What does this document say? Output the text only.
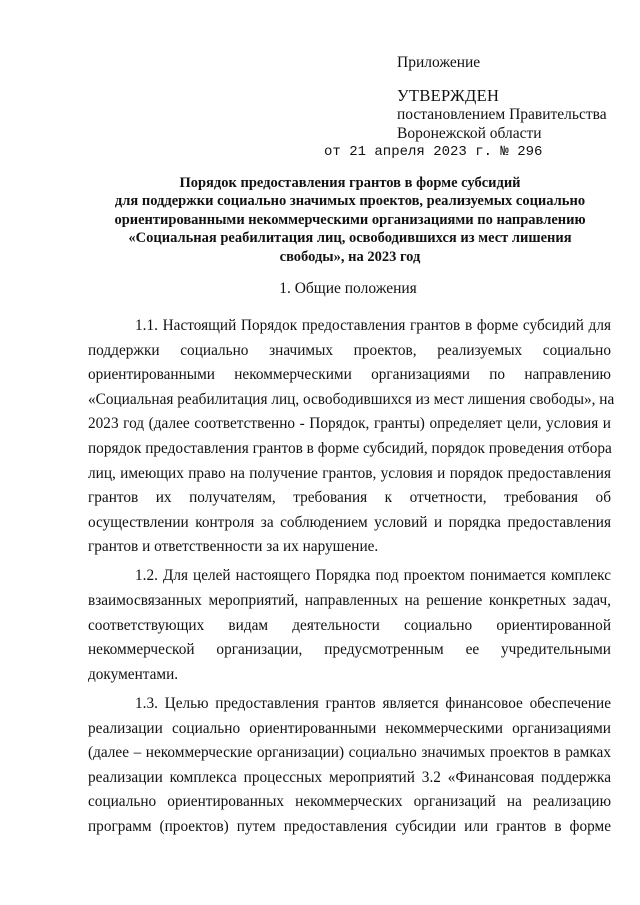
Приложение
УТВЕРЖДЕН
постановлением Правительства
Воронежской области
от 21 апреля 2023 г. № 296
Порядок предоставления грантов в форме субсидий
для поддержки социально значимых проектов, реализуемых социально
ориентированными некоммерческими организациями по направлению
«Социальная реабилитация лиц, освободившихся из мест лишения
свободы», на 2023 год
1. Общие положения

1.1. Настоящий Порядок предоставления грантов в форме субсидий для
поддержки социально значимых проектов, реализуемых социально
ориентированными некоммерческими организациями по направлению
«Социальная реабилитация лиц, освободившихся из мест лишения свободы», на
2023 год (далее соответственно - Порядок, гранты) определяет цели, условия и
порядок предоставления грантов в форме субсидий, порядок проведения отбора
лиц, имеющих право на получение грантов, условия и порядок предоставления
грантов их получателям, требования к отчетности, требования об
осуществлении контроля за соблюдением условий и порядка предоставления
грантов и ответственности за их нарушение.

1.2. Для целей настоящего Порядка под проектом понимается комплекс
взаимосвязанных мероприятий, направленных на решение конкретных задач,
соответствующих видам деятельности социально ориентированной
некоммерческой организации, предусмотренным ее учредительными
документами.

1.3. Целью предоставления грантов является финансовое обеспечение
реализации социально ориентированными некоммерческими организациями
(далее – некоммерческие организации) социально значимых проектов в рамках
реализации комплекса процессных мероприятий 3.2 «Финансовая поддержка
социально ориентированных некоммерческих организаций на реализацию
программ (проектов) путем предоставления субсидии или грантов в форме
